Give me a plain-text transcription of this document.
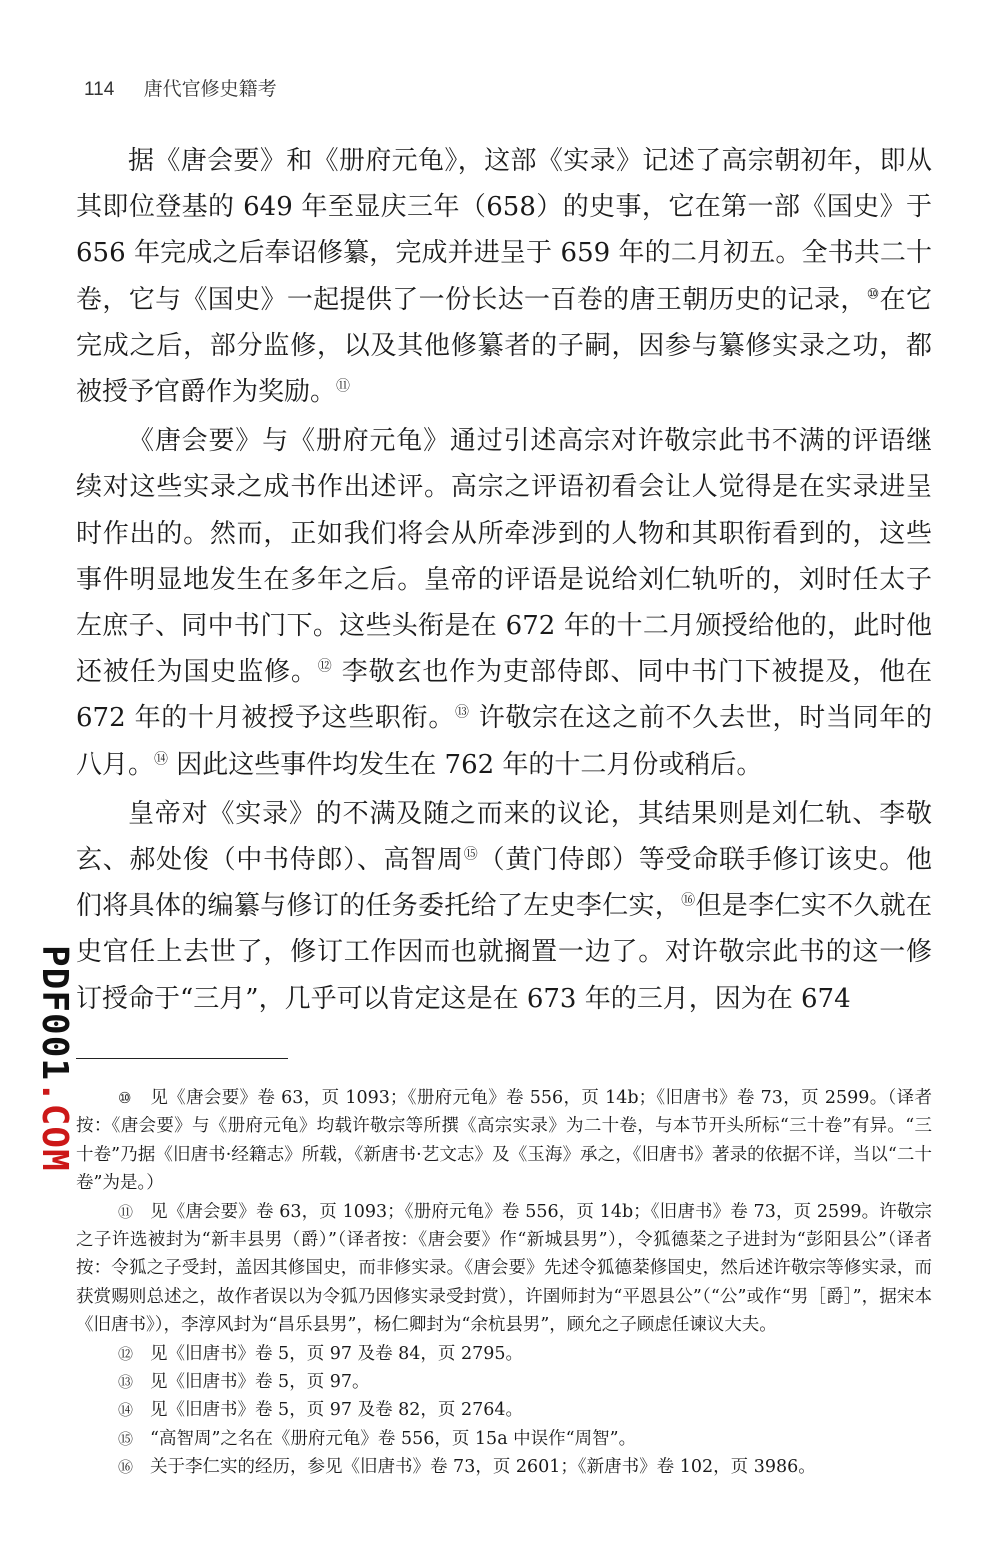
114 唐代官修史籍考

据《唐会要》和《册府元龟》，这部《实录》记述了高宗朝初年，即从其即位登基的 649 年至显庆三年（658）的史事，它在第一部《国史》于 656 年完成之后奉诏修纂，完成并进呈于 659 年的二月初五。全书共二十卷，它与《国史》一起提供了一份长达一百卷的唐王朝历史的记录，⑩在它完成之后，部分监修，以及其他修纂者的子嗣，因参与纂修实录之功，都被授予官爵作为奖励。⑪

《唐会要》与《册府元龟》通过引述高宗对许敬宗此书不满的评语继续对这些实录之成书作出述评。高宗之评语初看会让人觉得是在实录进呈时作出的。然而，正如我们将会从所牵涉到的人物和其职衔看到的，这些事件明显地发生在多年之后。皇帝的评语是说给刘仁轨听的，刘时任太子左庶子、同中书门下。这些头衔是在 672 年的十二月颁授给他的，此时他还被任为国史监修。⑫ 李敬玄也作为吏部侍郎、同中书门下被提及，他在 672 年的十月被授予这些职衔。⑬ 许敬宗在这之前不久去世，时当同年的八月。⑭ 因此这些事件均发生在 762 年的十二月份或稍后。

皇帝对《实录》的不满及随之而来的议论，其结果则是刘仁轨、李敬玄、郝处俊（中书侍郎）、高智周⑮（黄门侍郎）等受命联手修订该史。他们将具体的编纂与修订的任务委托给了左史李仁实，⑯但是李仁实不久就在史官任上去世了，修订工作因而也就搁置一边了。对许敬宗此书的这一修订授命于“三月”，几乎可以肯定这是在 673 年的三月，因为在 674

⑩ 见《唐会要》卷 63，页 1093；《册府元龟》卷 556，页 14b；《旧唐书》卷 73，页 2599。（译者按：《唐会要》与《册府元龟》均载许敬宗等所撰《高宗实录》为二十卷，与本节开头所标“三十卷”有异。“三十卷”乃据《旧唐书·经籍志》所载，《新唐书·艺文志》及《玉海》承之，《旧唐书》著录的依据不详，当以“二十卷”为是。）

⑪ 见《唐会要》卷 63，页 1093；《册府元龟》卷 556，页 14b；《旧唐书》卷 73，页 2599。许敬宗之子许选被封为“新丰县男（爵）”（译者按：《唐会要》作“新城县男”），令狐德棻之子进封为“彭阳县公”（译者按：令狐之子受封，盖因其修国史，而非修实录。《唐会要》先述令狐德棻修国史，然后述许敬宗等修实录，而获赏赐则总述之，故作者误以为令狐乃因修实录受封赏），许圉师封为“平恩县公”（“公”或作“男［爵］”，据宋本《旧唐书》），李淳风封为“昌乐县男”，杨仁卿封为“余杭县男”，顾允之子顾虑任谏议大夫。

⑫ 见《旧唐书》卷 5，页 97 及卷 84，页 2795。

⑬ 见《旧唐书》卷 5，页 97。

⑭ 见《旧唐书》卷 5，页 97 及卷 82，页 2764。

⑮ “高智周”之名在《册府元龟》卷 556，页 15a 中误作“周智”。

⑯ 关于李仁实的经历，参见《旧唐书》卷 73，页 2601；《新唐书》卷 102，页 3986。

PDF001.COM
